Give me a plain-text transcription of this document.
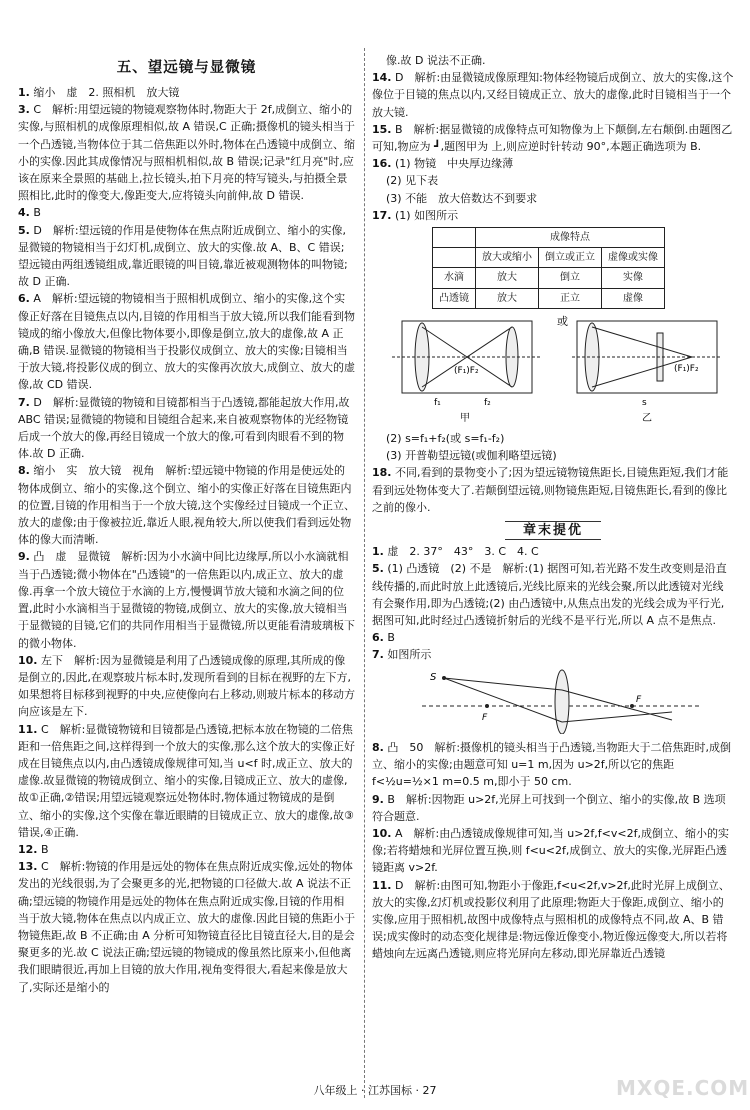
五、望远镜与显微镜
1. 缩小　虚　2. 照相机　放大镜
3. C　解析:用望远镜的物镜观察物体时,物距大于 2f,成倒立、缩小的实像,与照相机的成像原理相似,故 A 错误,C 正确;摄像机的镜头相当于一个凸透镜,当物体位于其二倍焦距以外时,物体在凸透镜中成倒立、缩小的实像.因此其成像情况与照相机相似,故 B 错误;记录"红月亮"时,应该在原来全景照的基础上,拉长镜头,拍下月亮的特写镜头,与拍摄全景照相比,此时的像变大,像距变大,应将镜头向前伸,故 D 错误.
4. B
5. D　解析:望远镜的作用是使物体在焦点附近成倒立、缩小的实像,显微镜的物镜相当于幻灯机,成倒立、放大的实像.故 A、B、C 错误;望远镜由两组透镜组成,靠近眼镜的叫目镜,靠近被观测物体的叫物镜;故 D 正确.
6. A　解析:望远镜的物镜相当于照相机成倒立、缩小的实像,这个实像正好落在目镜焦点以内,目镜的作用相当于放大镜,所以我们能看到物镜成的缩小像放大,但像比物体要小,即像是倒立,放大的虚像,故 A 正确,B 错误.显微镜的物镜相当于投影仪成倒立、放大的实像;目镜相当于放大镜,将投影仪成的倒立、放大的实像再次放大,成倒立、放大的虚像,故 CD 错误.
7. D　解析:显微镜的物镜和目镜都相当于凸透镜,都能起放大作用,故 ABC 错误;显微镜的物镜和目镜组合起来,来自被观察物体的光经物镜后成一个放大的像,再经目镜成一个放大的像,可看到肉眼看不到的物体.故 D 正确.
8. 缩小　实　放大镜　视角　解析:望远镜中物镜的作用是使远处的物体成倒立、缩小的实像,这个倒立、缩小的实像正好落在目镜焦距内的位置,目镜的作用相当于一个放大镜,这个实像经过目镜成一个正立、放大的虚像;由于像被拉近,靠近人眼,视角较大,所以使我们看到远处物体的像大而清晰.
9. 凸　虚　显微镜　解析:因为小水滴中间比边缘厚,所以小水滴就相当于凸透镜;微小物体在"凸透镜"的一倍焦距以内,成正立、放大的虚像.再拿一个放大镜位于水滴的上方,慢慢调节放大镜和水滴之间的位置,此时小水滴相当于显微镜的物镜,成倒立、放大的实像,放大镜相当于显微镜的目镜,它们的共同作用相当于显微镜,所以更能看清玻璃板下的微小物体.
10. 左下　解析:因为显微镜是利用了凸透镜成像的原理,其所成的像是倒立的,因此,在观察玻片标本时,发现所看到的目标在视野的左下方,如果想将目标移到视野的中央,应使像向右上移动,则玻片标本的移动方向应该是左下.
11. C　解析:显微镜物镜和目镜都是凸透镜,把标本放在物镜的二倍焦距和一倍焦距之间,这样得到一个放大的实像,那么这个放大的实像正好成在目镜焦点以内,由凸透镜成像规律可知,当 u<f 时,成正立、放大的虚像.故显微镜的物镜成倒立、缩小的实像,目镜成正立、放大的虚像,故①正确,②错误;用望远镜观察远处物体时,物体通过物镜成的是倒立、缩小的实像,这个实像在靠近眼睛的目镜成正立、放大的虚像,故③错误,④正确.
12. B
13. C　解析:物镜的作用是远处的物体在焦点附近成实像,远处的物体发出的光线很弱,为了会聚更多的光,把物镜的口径做大.故 A 说法不正确;望远镜的物镜作用是远处的物体在焦点附近成实像,目镜的作用相当于放大镜,物体在焦点以内成正立、放大的虚像.因此目镜的焦距小于物镜焦距,故 B 不正确;由 A 分析可知物镜直径比目镜直径大,目的是会聚更多的光.故 C 说法正确;望远镜的物镜成的像虽然比原来小,但他离我们眼睛很近,再加上目镜的放大作用,视角变得很大,看起来像是放大了,实际还是缩小的
像.故 D 说法不正确.
14. D　解析:由显微镜成像原理知:物体经物镜后成倒立、放大的实像,这个像位于目镜的焦点以内,又经目镜成正立、放大的虚像,此时目镜相当于一个放大镜.
15. B　解析:据显微镜的成像特点可知物像为上下颠倒,左右颠倒.由题图乙可知,物应为 ┛,题图甲为 上,则应逆时针转动 90°,本题正确选项为 B.
16. (1) 物镜　中央厚边缘薄
(2) 见下表
(3) 不能　放大倍数达不到要求
17. (1) 如图所示
	成像特点		
	放大或缩小	倒立或正立	虚像或实像
水滴	放大	倒立	实像
凸透镜	放大	正立	虚像
(F₁)F₂
f₁	f₂
甲
或
(F₁)F₂
s
乙
(2) s=f₁+f₂(或 s=f₁-f₂)
(3) 开普勒望远镜(或伽利略望远镜)
18. 不同,看到的景物变小了;因为望远镜物镜焦距长,目镜焦距短,我们才能看到远处物体变大了.若颠倒望远镜,则物镜焦距短,目镜焦距长,看到的像比之前的像小.
章末提优
1. 虚　2. 37°　43°　3. C　4. C
5. (1) 凸透镜　(2) 不是　解析:(1) 据图可知,若光路不发生改变则是沿直线传播的,而此时放上此透镜后,光线比原来的光线会聚,所以此透镜对光线有会聚作用,即为凸透镜;(2) 由凸透镜中,从焦点出发的光线会成为平行光,据图可知,此时经过凸透镜折射后的光线不是平行光,所以 A 点不是焦点.
6. B
7. 如图所示
S
F
F
8. 凸　50　解析:摄像机的镜头相当于凸透镜,当物距大于二倍焦距时,成倒立、缩小的实像;由题意可知 u=1 m,因为 u>2f,所以它的焦距 f<½u=½×1 m=0.5 m,即小于 50 cm.
9. B　解析:因物距 u>2f,光屏上可找到一个倒立、缩小的实像,故 B 选项符合题意.
10. A　解析:由凸透镜成像规律可知,当 u>2f,f<v<2f,成倒立、缩小的实像;若将蜡烛和光屏位置互换,则 f<u<2f,成倒立、放大的实像,光屏距凸透镜距离 v>2f.
11. D　解析:由图可知,物距小于像距,f<u<2f,v>2f,此时光屏上成倒立、放大的实像,幻灯机或投影仪利用了此原理;物距大于像距,成倒立、缩小的实像,应用于照相机,故图中成像特点与照相机的成像特点不同,故 A、B 错误;成实像时的动态变化规律是:物远像近像变小,物近像远像变大,所以若将蜡烛向左远离凸透镜,则应将光屏向左移动,即光屏靠近凸透镜
八年级上 · 江苏国标 · 27	MXQE.COM
